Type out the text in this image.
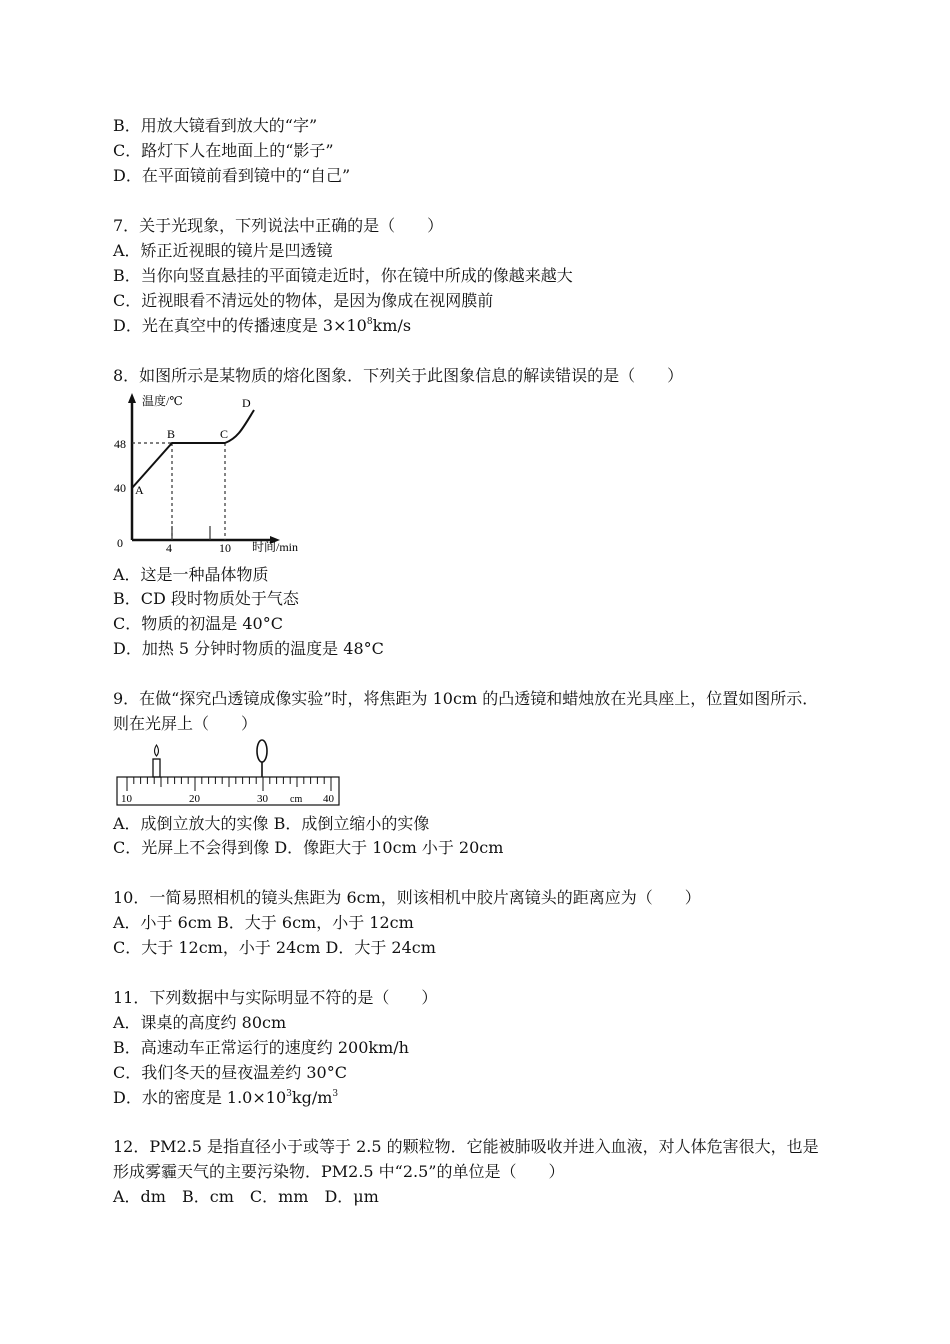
B．用放大镜看到放大的“字”
C．路灯下人在地面上的“影子”
D．在平面镜前看到镜中的“自己”
7．关于光现象，下列说法中正确的是（　　）
A．矫正近视眼的镜片是凹透镜
B．当你向竖直悬挂的平面镜走近时，你在镜中所成的像越来越大
C．近视眼看不清远处的物体，是因为像成在视网膜前
D．光在真空中的传播速度是 $3\times 10^8km/s$
8．如图所示是某物质的熔化图象．下列关于此图象信息的解读错误的是（　　）
温度/℃
时间/min
0
48
40
4	10
A
B	C
D
A．这是一种晶体物质
B．CD 段时物质处于气态
C．物质的初温是 40°C
D．加热 5 分钟时物质的温度是 48°C
9．在做“探究凸透镜成像实验”时，将焦距为 10cm 的凸透镜和蜡烛放在光具座上，位置如图所示．
则在光屏上（　　）
10	20	30 cm 40
A．成倒立放大的实像 B．成倒立缩小的实像
C．光屏上不会得到像 D．像距大于 10cm 小于 20cm
10．一简易照相机的镜头焦距为 6cm，则该相机中胶片离镜头的距离应为（　　）
A．小于 6cm B．大于 6cm，小于 12cm
C．大于 12cm，小于 24cm D．大于 24cm
11．下列数据中与实际明显不符的是（　　）
A．课桌的高度约 80cm
B．高速动车正常运行的速度约 200km/h
C．我们冬天的昼夜温差约 30°C
D．水的密度是 $1.0\times 10^3kg/m^3$
12．PM2.5 是指直径小于或等于 2.5 的颗粒物．它能被肺吸收并进入血液，对人体危害很大，也是
形成雾霾天气的主要污染物．PM2.5 中“2.5”的单位是（　　）
A．dm　B．cm　C．mm　D．μm
